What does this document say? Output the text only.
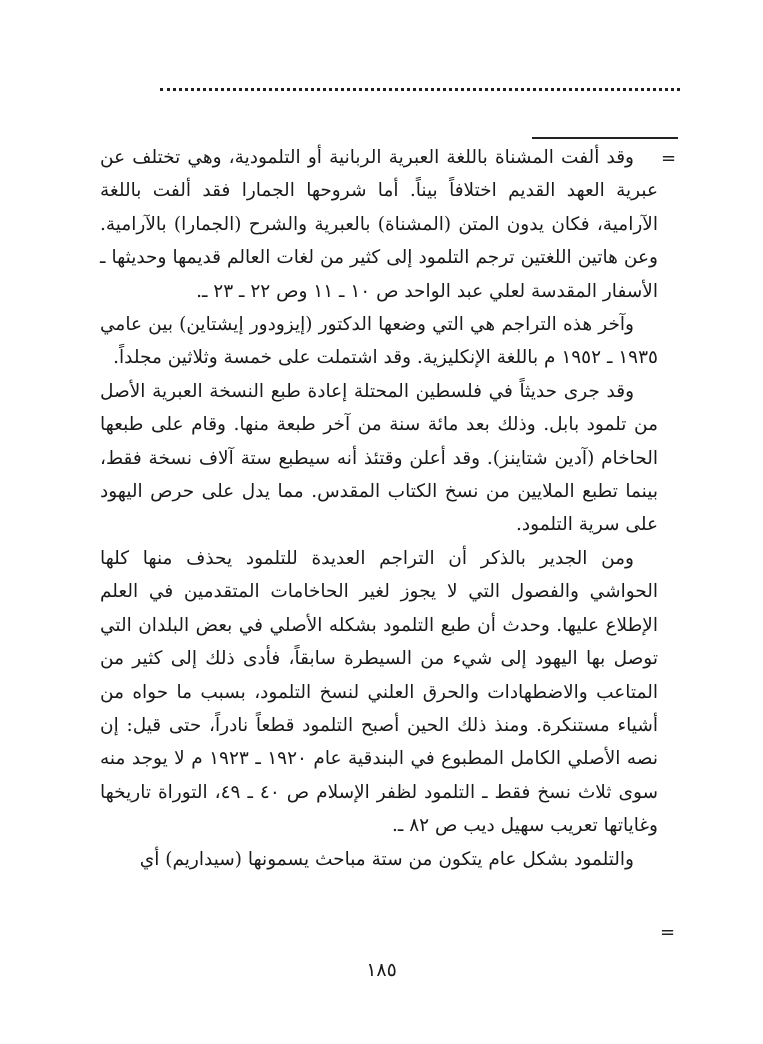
=

وقد ألفت المشناة باللغة العبرية الربانية أو التلمودية، وهي تختلف عن عبرية العهد القديم اختلافاً بيناً. أما شروحها الجمارا فقد ألفت باللغة الآرامية، فكان يدون المتن (المشناة) بالعبرية والشرح (الجمارا) بالآرامية. وعن هاتين اللغتين ترجم التلمود إلى كثير من لغات العالم قديمها وحديثها ـ الأسفار المقدسة لعلي عبد الواحد ص ١٠ ـ ١١ وص ٢٢ ـ ٢٣ ـ.

وآخر هذه التراجم هي التي وضعها الدكتور (إيزودور إيشتاين) بين عامي ١٩٣٥ ـ ١٩٥٢ م باللغة الإنكليزية. وقد اشتملت على خمسة وثلاثين مجلداً.

وقد جرى حديثاً في فلسطين المحتلة إعادة طبع النسخة العبرية الأصل من تلمود بابل. وذلك بعد مائة سنة من آخر طبعة منها. وقام على طبعها الحاخام (آدين شتاينز). وقد أعلن وقتئذ أنه سيطبع ستة آلاف نسخة فقط، بينما تطبع الملايين من نسخ الكتاب المقدس. مما يدل على حرص اليهود على سرية التلمود.

ومن الجدير بالذكر أن التراجم العديدة للتلمود يحذف منها كلها الحواشي والفصول التي لا يجوز لغير الحاخامات المتقدمين في العلم الإطلاع عليها. وحدث أن طبع التلمود بشكله الأصلي في بعض البلدان التي توصل بها اليهود إلى شيء من السيطرة سابقاً، فأدى ذلك إلى كثير من المتاعب والاضطهادات والحرق العلني لنسخ التلمود، بسبب ما حواه من أشياء مستنكرة. ومنذ ذلك الحين أصبح التلمود قطعاً نادراً، حتى قيل: إن نصه الأصلي الكامل المطبوع في البندقية عام ١٩٢٠ ـ ١٩٢٣ م لا يوجد منه سوى ثلاث نسخ فقط ـ التلمود لظفر الإسلام ص ٤٠ ـ ٤٩، التوراة تاريخها وغاياتها تعريب سهيل ديب ص ٨٢ ـ.

والتلمود بشكل عام يتكون من ستة مباحث يسمونها (سيداريم) أي

=
١٨٥
